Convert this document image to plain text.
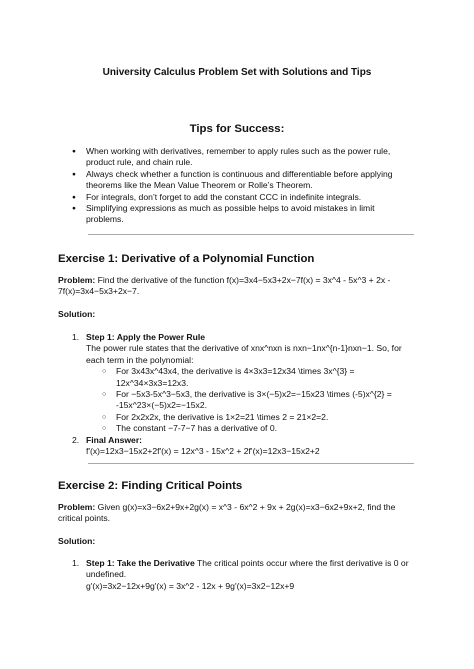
University Calculus Problem Set with Solutions and Tips
Tips for Success:
● When working with derivatives, remember to apply rules such as the power rule, product rule, and chain rule.
● Always check whether a function is continuous and differentiable before applying theorems like the Mean Value Theorem or Rolle’s Theorem.
● For integrals, don’t forget to add the constant CCC in indefinite integrals.
● Simplifying expressions as much as possible helps to avoid mistakes in limit problems.
Exercise 1: Derivative of a Polynomial Function
Problem: Find the derivative of the function f(x)=3x4−5x3+2x−7f(x) = 3x^4 - 5x^3 + 2x - 7f(x)=3x4−5x3+2x−7.
Solution:
1. Step 1: Apply the Power Rule
The power rule states that the derivative of xnx^nxn is nxn−1nx^{n-1}nxn−1. So, for each term in the polynomial:
○ For 3x43x^43x4, the derivative is 4×3x3=12x34 \times 3x^{3} = 12x^34×3x3=12x3.
○ For −5x3-5x^3−5x3, the derivative is 3×(−5)x2=−15x23 \times (-5)x^{2} = -15x^23×(−5)x2=−15x2.
○ For 2x2x2x, the derivative is 1×2=21 \times 2 = 21×2=2.
○ The constant −7-7−7 has a derivative of 0.
2. Final Answer:
f'(x)=12x3−15x2+2f'(x) = 12x^3 - 15x^2 + 2f'(x)=12x3−15x2+2
Exercise 2: Finding Critical Points
Problem: Given g(x)=x3−6x2+9x+2g(x) = x^3 - 6x^2 + 9x + 2g(x)=x3−6x2+9x+2, find the critical points.
Solution:
1. Step 1: Take the Derivative The critical points occur where the first derivative is 0 or undefined.
g'(x)=3x2−12x+9g'(x) = 3x^2 - 12x + 9g'(x)=3x2−12x+9
